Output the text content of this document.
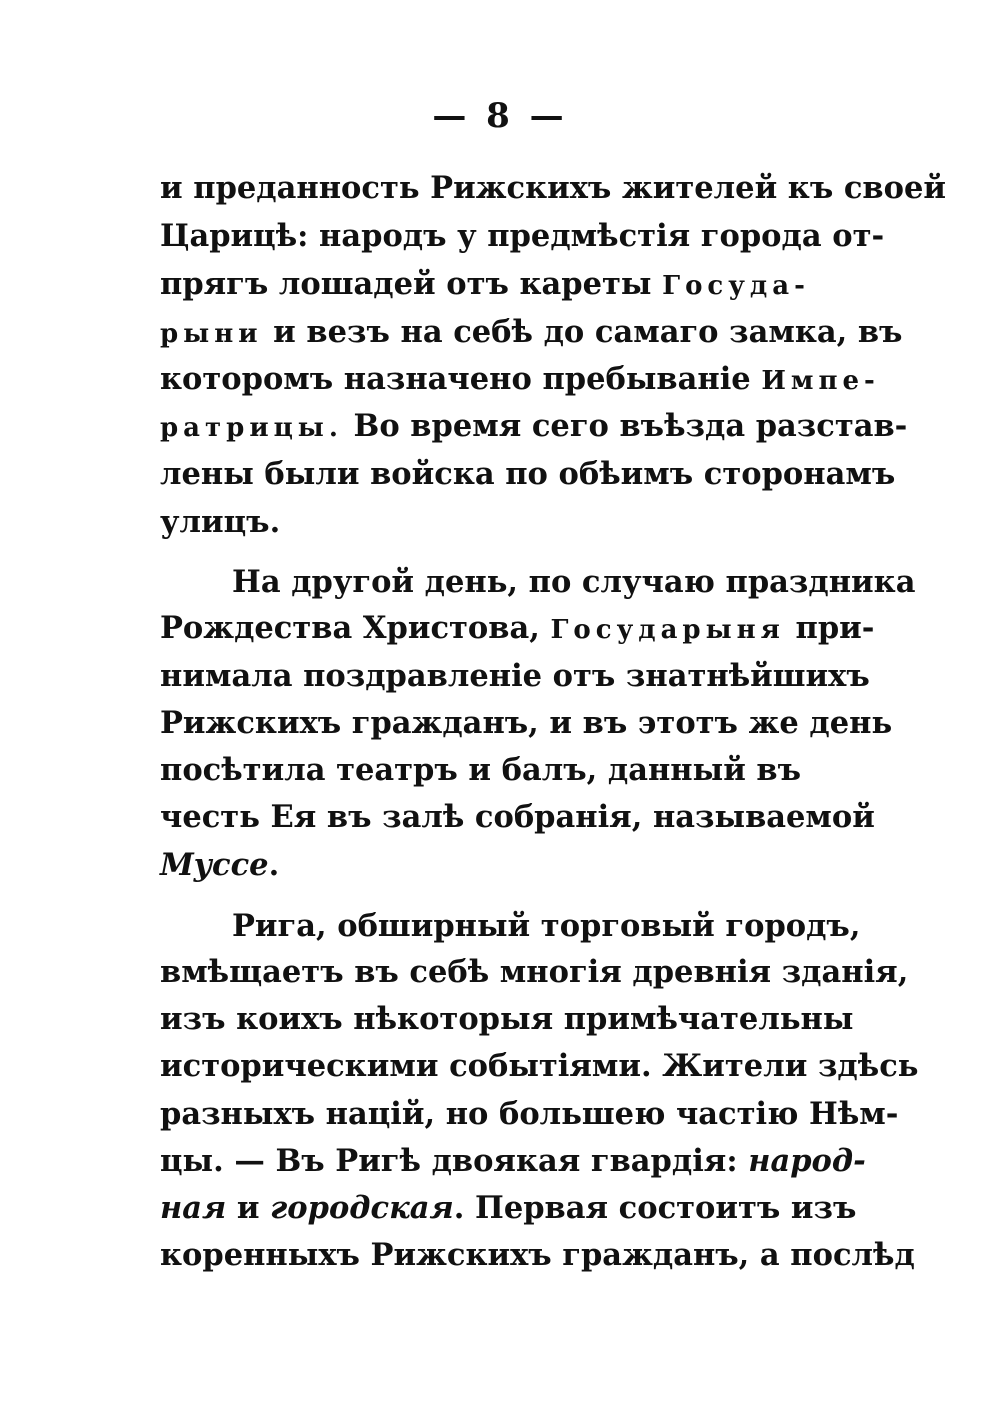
— 8 —
и преданность Рижскихъ жителей къ своей
Царицѣ: народъ у предмѣстія города от-
прягъ лошадей отъ кареты Госуда-
рыни и везъ на себѣ до самаго замка, въ
которомъ назначено пребываніе Импе-
ратрицы. Во время сего въѣзда разстав-
лены были войска по обѣимъ сторонамъ
улицъ.
На другой день, по случаю праздника
Рождества Христова, Государыня при-
нимала поздравленіе отъ знатнѣйшихъ
Рижскихъ гражданъ, и въ этотъ же день
посѣтила театръ и балъ, данный въ
честь Ея въ залѣ собранія, называемой
Муссе.
Рига, обширный торговый городъ,
вмѣщаетъ въ себѣ многія древнія зданія,
изъ коихъ нѣкоторыя примѣчательны
историческими событіями. Жители здѣсь
разныхъ націй, но большею частію Нѣм-
цы. — Въ Ригѣ двоякая гвардія: народ-
ная и городская. Первая состоитъ изъ
коренныхъ Рижскихъ гражданъ, а послѣд
